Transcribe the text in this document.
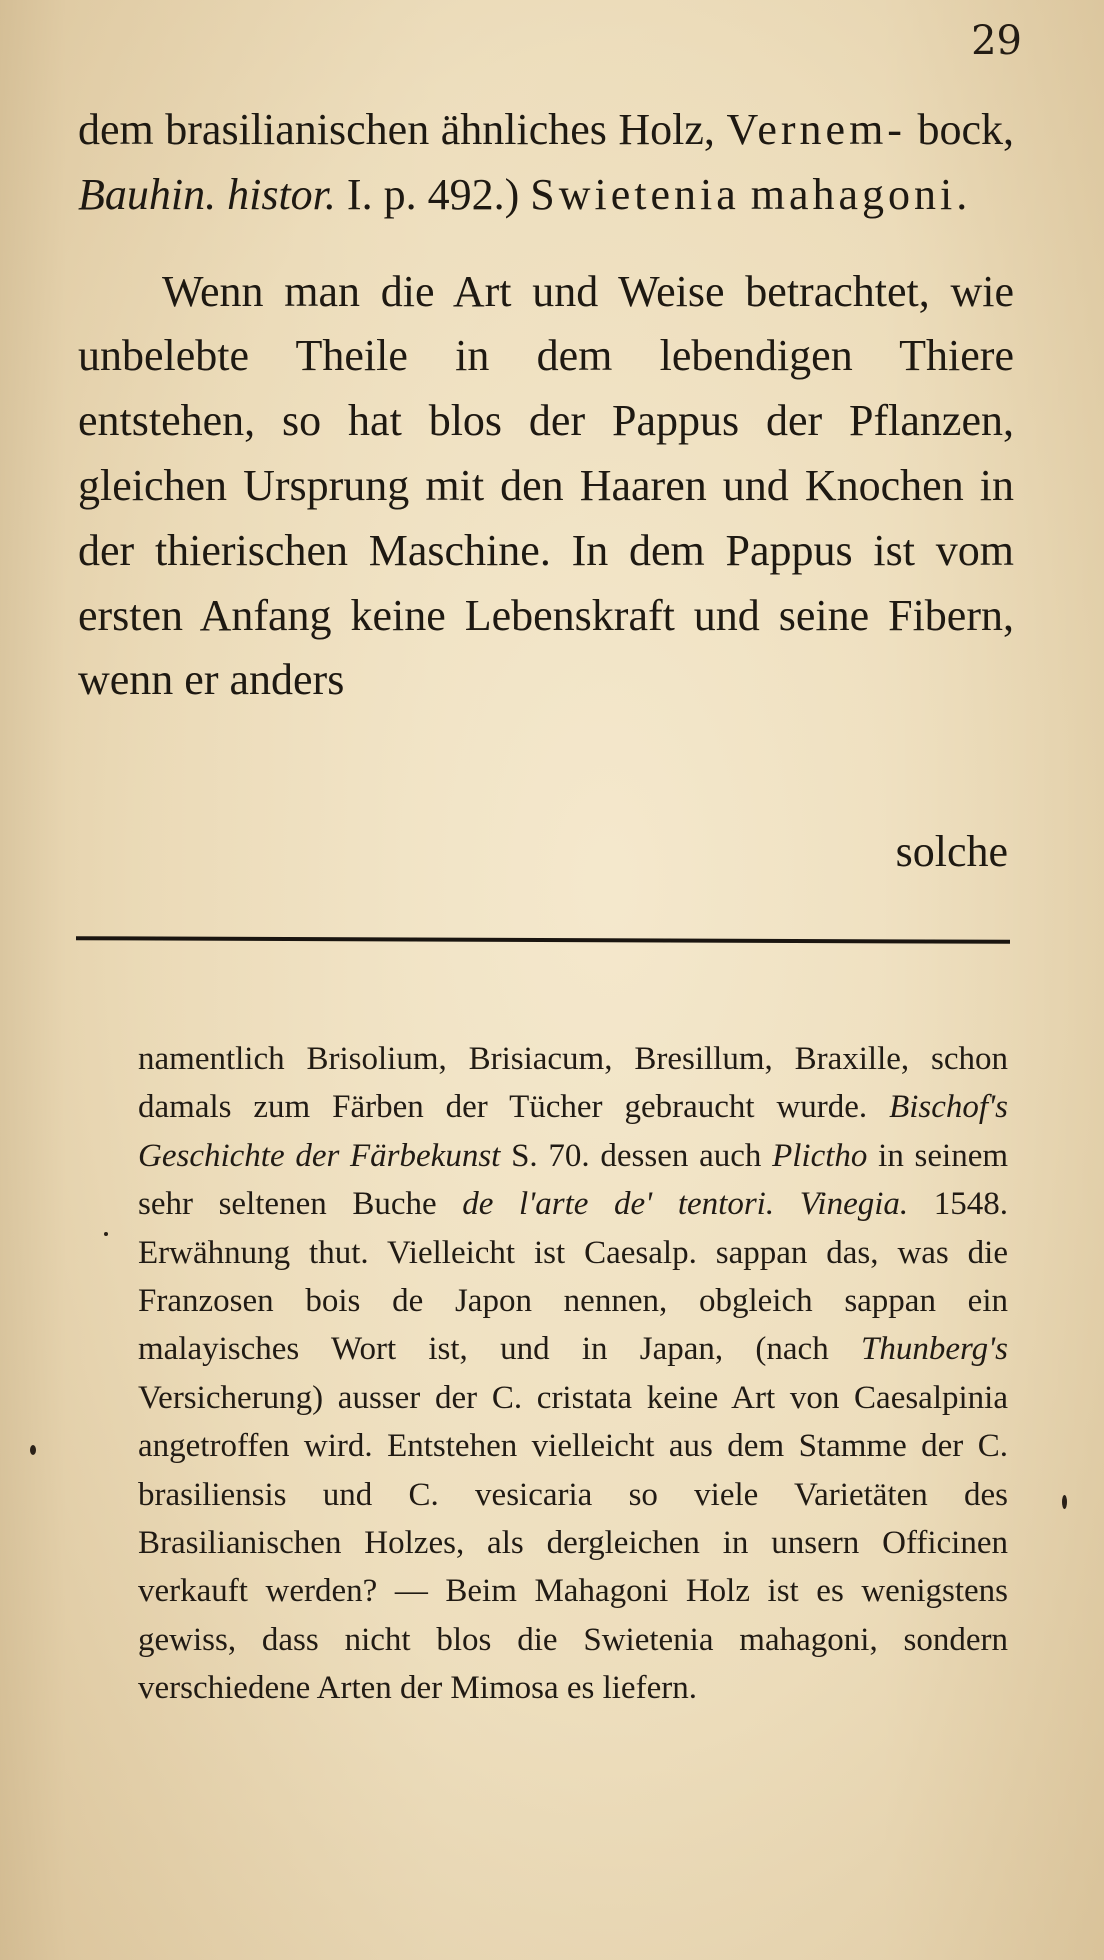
29

dem brasilianischen ähnliches Holz, Vernem- bock, Bauhin. histor. I. p. 492.) Swietenia mahagoni.

Wenn man die Art und Weise betrachtet, wie unbelebte Theile in dem lebendigen Thiere entstehen, so hat blos der Pappus der Pflanzen, gleichen Ursprung mit den Haaren und Knochen in der thierischen Maschine. In dem Pappus ist vom ersten Anfang keine Lebenskraft und seine Fibern, wenn er anders

solche

namentlich Brisolium, Brisiacum, Bresillum, Braxille, schon damals zum Färben der Tücher gebraucht wurde. Bischof's Geschichte der Färbekunst S. 70. dessen auch Plictho in seinem sehr seltenen Buche de l'arte de' tentori. Vinegia. 1548. Erwähnung thut. Vielleicht ist Caesalp. sappan das, was die Franzosen bois de Japon nennen, obgleich sappan ein malayisches Wort ist, und in Japan, (nach Thunberg's Versicherung) ausser der C. cristata keine Art von Caesalpinia angetroffen wird. Entstehen vielleicht aus dem Stamme der C. brasiliensis und C. vesicaria so viele Varietäten des Brasilianischen Holzes, als dergleichen in unsern Officinen verkauft werden? — Beim Mahagoni Holz ist es wenigstens gewiss, dass nicht blos die Swietenia mahagoni, sondern verschiedene Arten der Mimosa es liefern.
